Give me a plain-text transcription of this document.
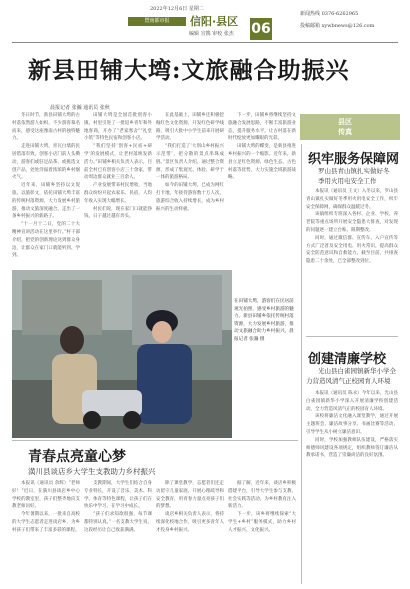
2022年12月6日 星期二
暨南都市报	信阳·县区
编辑 宣镌 审校 张杰 06
新闻热线 0376-6262965
投稿邮箱 xywbnews@126.com
新县田铺大塆:文旅融合助振兴
晨报记者 张瀚 通讯员 张秋

冬日时节，新县田铺大塆的古村落依然游人如织，不少游客慕名而来，感受这座豫南古村的独特魅力。

走进田铺大塆，青瓦白墙的民居错落有致，创客小店门前人头攒动，游客们或驻足品茶、或挑选文创产品，处处洋溢着浓浓的乡村烟火气。

近年来，田铺乡坚持以文促旅、以旅彰文，依托田铺大塆丰富的传统村落资源，大力发展乡村旅游，推动文旅深度融合，走出了一条乡村振兴的新路子。

“十一月十二日，党的二十大精神宣讲活动在这里举行。”村干部介绍，把党的创新理论送到群众身边，让群众在家门口就能听到、学到。

田铺大塆是全国首批创客小镇，村里引进了一批返乡青年和外地客商，开办了“老家寒舍”“礼堂小筑”等特色民宿和创客小店。

“我们坚持‘创客+民宿+研学’的发展模式，让老村落焕发新活力。”田铺乡相关负责人表示，目前全村已有创客小店三十余家，带动周边群众就业三百余人。

产业发展带来村民增收，当地群众纷纷开起农家乐、民宿，人均年收入实现大幅增长。

村民们说，现在家门口就能挣钱，日子越过越有奔头。

在此基础上，田铺乡还积极挖掘红色文化资源，开发红色研学线路，吸引大批中小学生前来开展研学活动。

“我们打造了‘大别山乡村振兴示范带’，把分散的景点串珠成链。”景区负责人介绍，通过整合资源，形成了集观光、体验、研学于一体的旅游格局。

如今的田铺大塆，已成为网红打卡地，年接待游客数十万人次，旅游综合收入持续增长，成为乡村振兴的生动样板。

下一步，田铺乡将继续坚持文旅融合发展思路，不断丰富旅游业态，提升服务水平，让古村落在新时代绽放更加耀眼的光彩。

田铺大塆的蝶变，是新县推进乡村振兴的一个缩影。近年来，新县立足红色资源、绿色生态、古色村落等优势，大力实施全域旅游战略。

在田铺大塆，游客们在民居前观光拍照，感受乡村旅游的魅力。新县田铺乡依托传统村落资源，大力发展乡村旅游，推动文旅融合助力乡村振兴。晨报记者 张瀚 摄
县区
传真
织牢服务保障网
罗山县青山镇扎实做好冬
季用火用电安全工作

本报讯（通讯员 王文）入冬以来，罗山县青山镇扎实做好冬季用火用电安全工作，织牢安全保障网，确保群众温暖过冬。

该镇组织专班深入各村、企业、学校、养老院等重点场所开展安全隐患大排查，对发现的问题逐一建立台账、限期整改。

同时，通过微信群、宣传车、入户宣传等方式广泛普及安全用电、用火常识，提高群众安全防范意识和自救能力。截至目前，共排查隐患二十余处，已全部整改到位。

创建清廉学校
光山县白雀园镇新华小学全
力营造风清气正校园育人环境

本报讯（通讯员 陈永）今年以来，光山县白雀园镇新华小学深入开展清廉学校创建活动，全力营造风清气正的校园育人环境。

该校将廉洁文化融入课堂教学，通过开展主题班会、廉洁故事分享、书画比赛等活动，引导学生从小树立廉洁意识。

同时，学校加强教师队伍建设，严格落实师德师风建设各项规定，组织教师签订廉洁从教承诺书，营造了崇廉尚洁的良好氛围。

青春点亮童心梦
潢川县谈店乡大学生支教助力乡村振兴

本报讯（通讯员 余辉）“老师好！”近日，在潢川县谈店乡中心学校的教室里，孩子们整齐地向支教老师问好。

今年暑期以来，一批来自高校的大学生志愿者走进谈店乡，为乡村孩子们带来了丰富多彩的课程。

支教期间，大学生们结合自身专业特长，开设了音乐、美术、科学、体育等特色课程，让孩子们在快乐中学习、在学习中成长。

“孩子们求知欲很强，每节课都特别认真。”一名支教大学生说，这段经历让自己收获满满。

除了课堂教学，志愿者们还走访留守儿童家庭，开展心理疏导和安全教育，用青春力量点亮孩子们的梦想。

谈店乡相关负责人表示，将持续深化校地合作，吸引更多青年人才投身乡村振兴。

据了解，近年来，谈店乡积极搭建平台，引导大学生参与支教、社会实践等活动，为乡村教育注入新活力。

下一步，该乡将继续探索“大学生+乡村”服务模式，助力乡村人才振兴、文化振兴。
